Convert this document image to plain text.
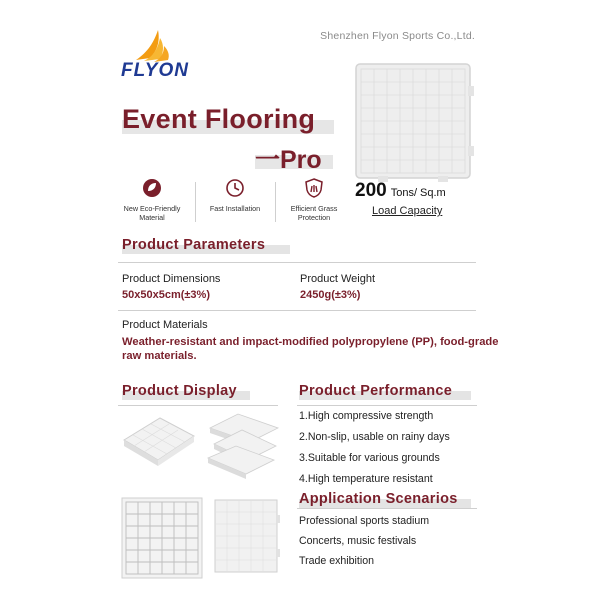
Shenzhen Flyon Sports Co.,Ltd.
FLYON
Event Flooring
一Pro
New Eco-Friendly Material
Fast Installation	Efficient Grass Protection
200 Tons/ Sq.m
Load Capacity
Product Parameters
Product Dimensions
50x50x5cm(±3%)
Product Weight
2450g(±3%)
Product Materials
Weather-resistant and impact-modified polypropylene (PP), food-grade raw materials.
Product Display	Product Performance
1.High compressive strength
2.Non-slip, usable on rainy days
3.Suitable for various grounds
4.High temperature resistant
Application Scenarios
Professional sports stadium
Concerts, music festivals
Trade exhibition
